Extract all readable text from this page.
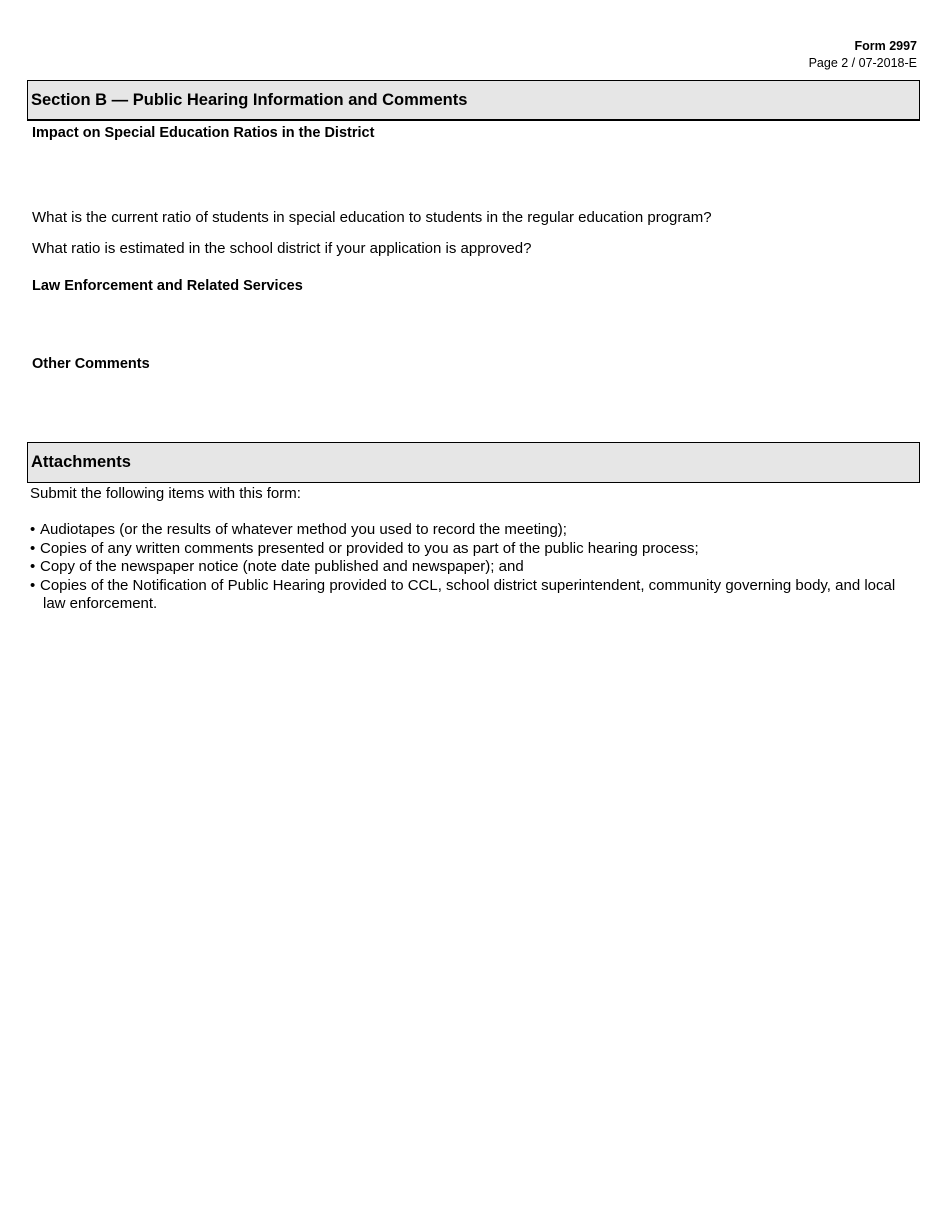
Form 2997
Page 2 / 07-2018-E
Section B — Public Hearing Information and Comments
Impact on Special Education Ratios in the District
What is the current ratio of students in special education to students in the regular education program?
What ratio is estimated in the school district if your application is approved?
Law Enforcement and Related Services
Other Comments
Attachments
Submit the following items with this form:
• Audiotapes (or the results of whatever method you used to record the meeting);
• Copies of any written comments presented or provided to you as part of the public hearing process;
• Copy of the newspaper notice (note date published and newspaper); and
• Copies of the Notification of Public Hearing provided to CCL, school district superintendent, community governing body, and local law enforcement.
